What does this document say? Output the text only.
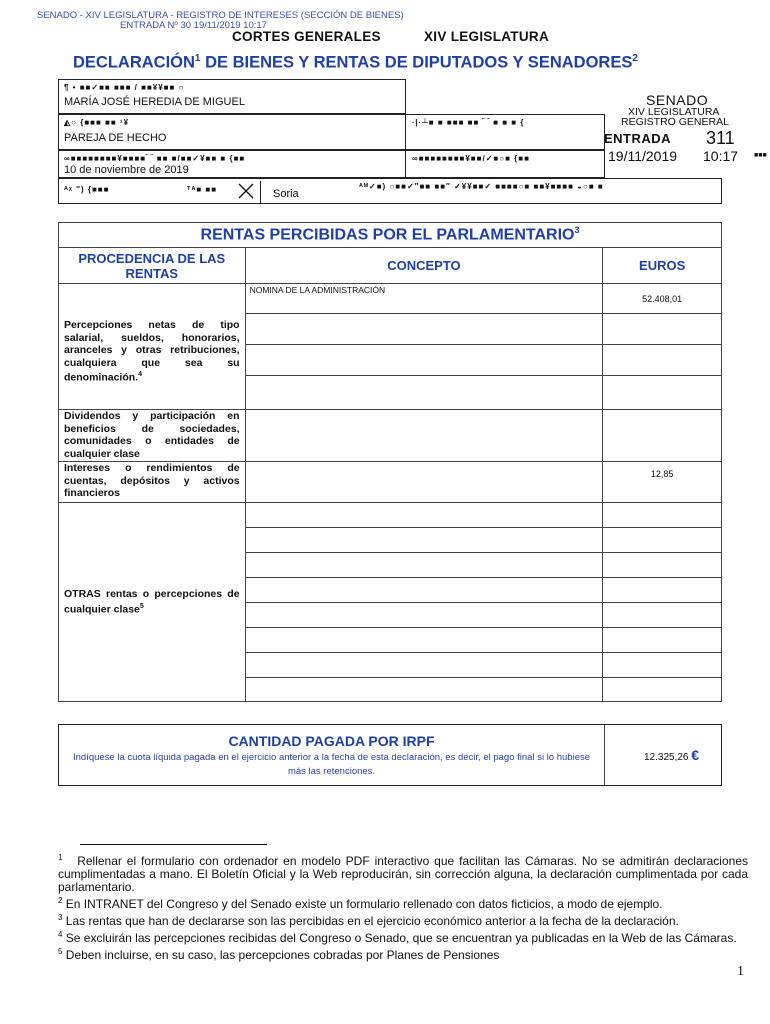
SENADO - XIV LEGISLATURA - REGISTRO DE INTERESES (SECCIÓN DE BIENES)
ENTRADA Nº 30 19/11/2019 10:17
CORTES GENERALES	XIV LEGISLATURA
DECLARACIÓN$^1$ DE BIENES Y RENTAS DE DIPUTADOS Y SENADORES$^2$
¶ • ■■✓■■ ■■■ / ■■¥¥■■ ○
MARÍA JOSÉ HEREDIA DE MIGUEL
◭○ {■■■ ■■ ¹¥
PAREJA DE HECHO
∙|·┴■ ■ ■■■ ■■ ⁀ ■ ■ ■ {
∞■■■■■■■■¥■■■■⁀ ■■ ■/■■✓¥■■ ■ {■■
10 de noviembre de 2019
∞■■■■■■■■¥■■/✓■○■ {■■
ᴬᵡ ″) {■■■	ᵀᴬ■ ■■	Soria
ᴬᴹ✓■) ○■■✓″■■ ■■″ ✓¥¥■■✓ ■■■■○■ ■■¥■■■■ ◒○■ ■
SENADO
XIV LEGISLATURA
REGISTRO GENERAL
ENTRADA 311
19/11/2019 10:17 ■■■
RENTAS PERCIBIDAS POR EL PARLAMENTARIO$^3$
PROCEDENCIA DE LAS RENTAS	CONCEPTO	EUROS

Percepciones netas de tipo salarial, sueldos, honorarios, aranceles y otras retribuciones, cualquiera que sea su denominación.$^4$	NOMINA DE LA ADMINISTRACIÓN	52.408,01

Dividendos y participación en beneficios de sociedades, comunidades o entidades de cualquier clase		

Intereses o rendimientos de cuentas, depósitos y activos financieros		12,85

OTRAS rentas o percepciones de cualquier clase$^5$

CANTIDAD PAGADA POR IRPF
Indíquese la cuota líquida pagada en el ejercicio anterior a la fecha de esta declaración, es decir, el pago final si lo hubiese más las retenciones.
12.325,26 €
$^1$ Rellenar el formulario con ordenador en modelo PDF interactivo que facilitan las Cámaras. No se admitirán declaraciones cumplimentadas a mano. El Boletín Oficial y la Web reproducirán, sin corrección alguna, la declaración cumplimentada por cada parlamentario.
$^2$ En INTRANET del Congreso y del Senado existe un formulario rellenado con datos ficticios, a modo de ejemplo.
$^3$ Las rentas que han de declararse son las percibidas en el ejercicio económico anterior a la fecha de la declaración.
$^4$ Se excluirán las percepciones recibidas del Congreso o Senado, que se encuentran ya publicadas en la Web de las Cámaras.
$^5$ Deben incluirse, en su caso, las percepciones cobradas por Planes de Pensiones
1
